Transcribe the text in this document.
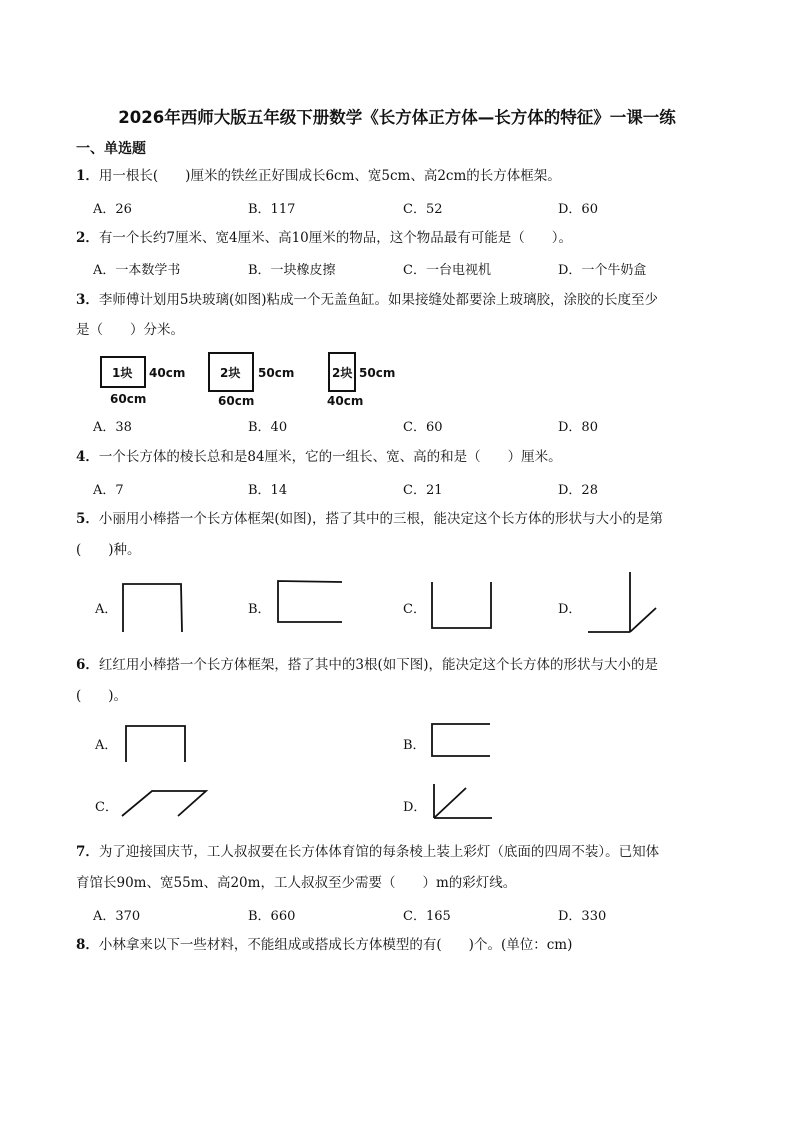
2026年西师大版五年级下册数学《长方体正方体—长方体的特征》一课一练
一、单选题
1．用一根长(　　)厘米的铁丝正好围成长6cm、宽5cm、高2cm的长方体框架。
A．26	B．117	C．52	D．60
2．有一个长约7厘米、宽4厘米、高10厘米的物品，这个物品最有可能是（　　）。
A．一本数学书	B．一块橡皮擦	C．一台电视机	D．一个牛奶盒
3．李师傅计划用5块玻璃(如图)粘成一个无盖鱼缸。如果接缝处都要涂上玻璃胶，涂胶的长度至少
是（　　）分米。
1块 40cm
60cm
2块 50cm
60cm
2块 50cm
40cm
A．38	B．40	C．60	D．80
4．一个长方体的棱长总和是84厘米，它的一组长、宽、高的和是（　　）厘米。
A．7	B．14	C．21	D．28
5．小丽用小棒搭一个长方体框架(如图)，搭了其中的三根，能决定这个长方体的形状与大小的是第
(　　)种。
A．	B．	C．	D．
6．红红用小棒搭一个长方体框架，搭了其中的3根(如下图)，能决定这个长方体的形状与大小的是
(　　)。
A．	B．
C．	D．
7．为了迎接国庆节，工人叔叔要在长方体体育馆的每条棱上装上彩灯（底面的四周不装）。已知体
育馆长90m、宽55m、高20m，工人叔叔至少需要（　　）m的彩灯线。
A．370	B．660	C．165	D．330
8．小林拿来以下一些材料，不能组成或搭成长方体模型的有(　　)个。(单位：cm)
